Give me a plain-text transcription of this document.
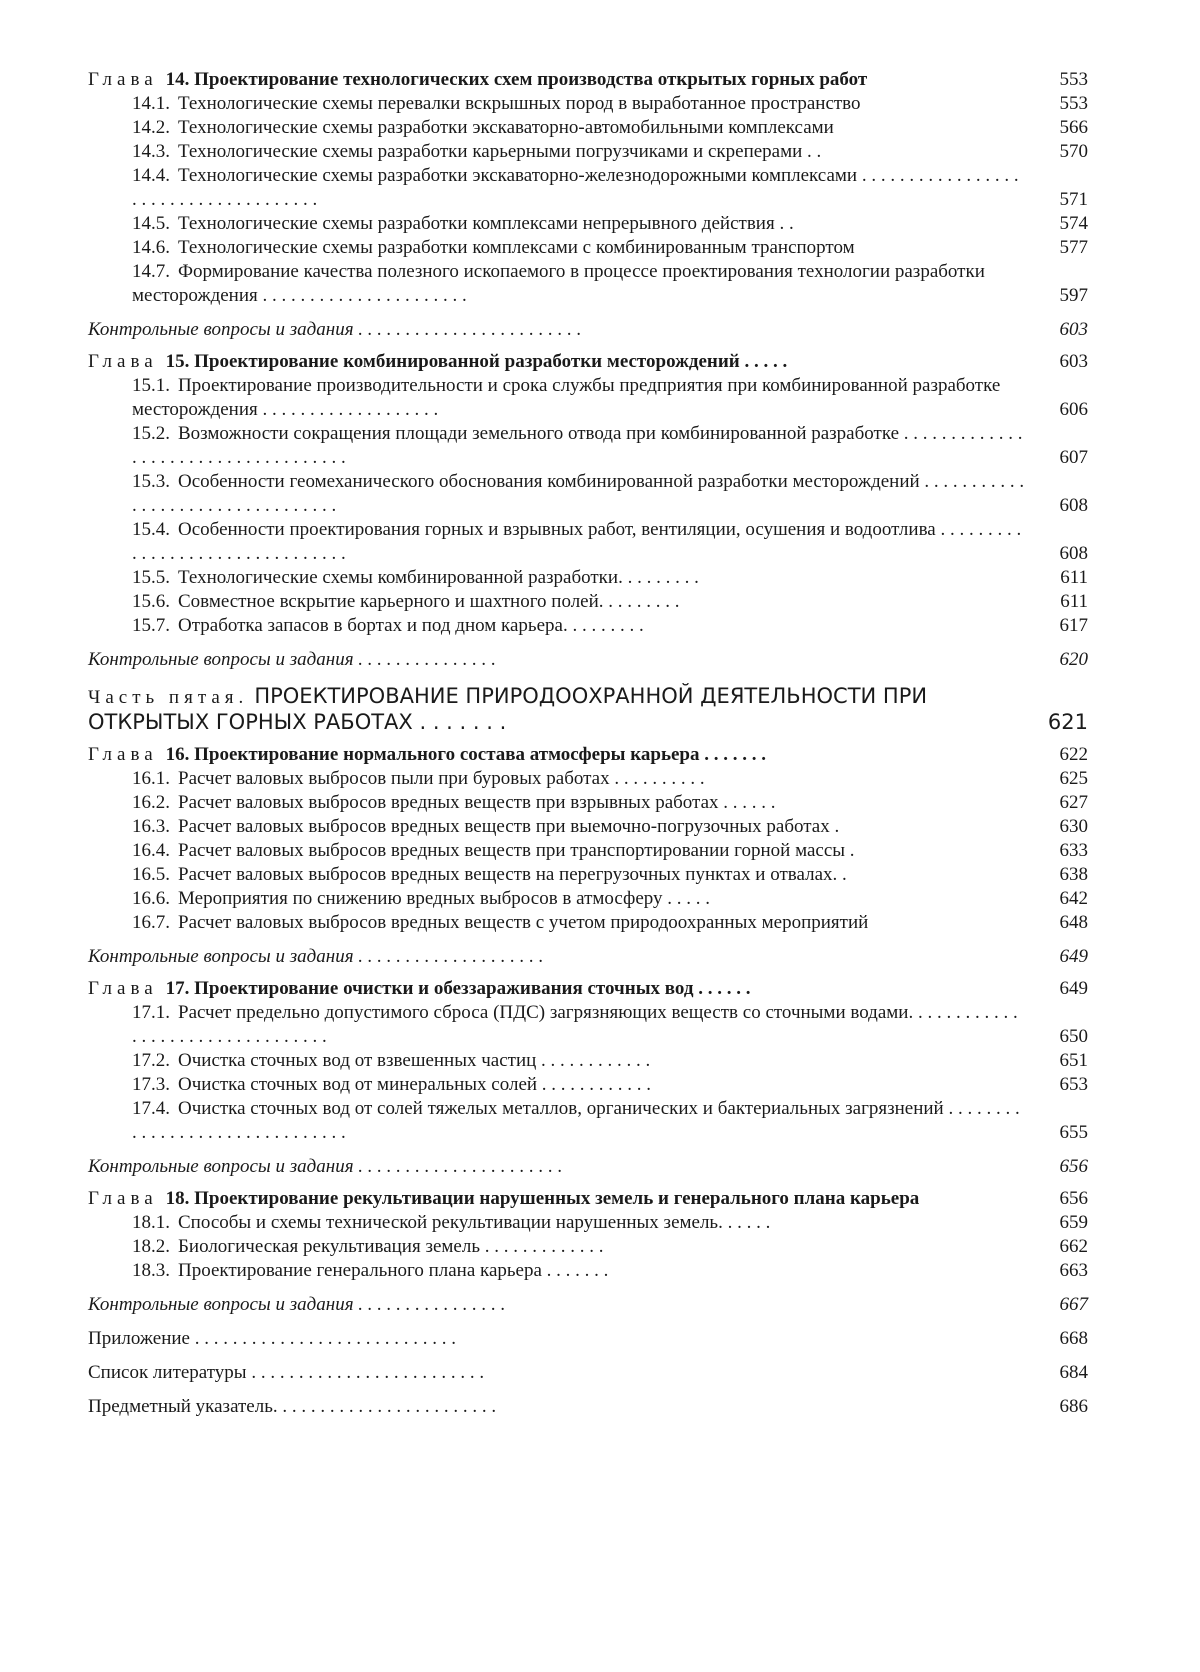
Глава 14. Проектирование технологических схем производства открытых горных работ	553
14.1. Технологические схемы перевалки вскрышных пород в выработанное пространство	553
14.2. Технологические схемы разработки экскаваторно-автомобильными комплексами	566
14.3. Технологические схемы разработки карьерными погрузчиками и скреперами . .	570
14.4. Технологические схемы разработки экскаваторно-железнодорожными комплексами . . . . . . . . . . . . . . . . . . . . . . . . . . . . . . . . . . . . .	571
14.5. Технологические схемы разработки комплексами непрерывного действия . .	574
14.6. Технологические схемы разработки комплексами с комбинированным транспортом	577
14.7. Формирование качества полезного ископаемого в процессе проектирования технологии разработки месторождения . . . . . . . . . . . . . . . . . . . . . .	597
Контрольные вопросы и задания . . . . . . . . . . . . . . . . . . . . . . . .	603
Глава 15. Проектирование комбинированной разработки месторождений . . . . .	603
15.1. Проектирование производительности и срока службы предприятия при комбинированной разработке месторождения . . . . . . . . . . . . . . . . . . .	606
15.2. Возможности сокращения площади земельного отвода при комбинированной разработке . . . . . . . . . . . . . . . . . . . . . . . . . . . . . . . . . . . .	607
15.3. Особенности геомеханического обоснования комбинированной разработки месторождений . . . . . . . . . . . . . . . . . . . . . . . . . . . . . . . . .	608
15.4. Особенности проектирования горных и взрывных работ, вентиляции, осушения и водоотлива . . . . . . . . . . . . . . . . . . . . . . . . . . . . . . . .	608
15.5. Технологические схемы комбинированной разработки. . . . . . . . .	611
15.6. Совместное вскрытие карьерного и шахтного полей. . . . . . . . .	611
15.7. Отработка запасов в бортах и под дном карьера. . . . . . . . .	617
Контрольные вопросы и задания . . . . . . . . . . . . . . .	620
Часть пятая. ПРОЕКТИРОВАНИЕ ПРИРОДООХРАННОЙ ДЕЯТЕЛЬНОСТИ ПРИ ОТКРЫТЫХ ГОРНЫХ РАБОТАХ . . . . . . .	621
Глава 16. Проектирование нормального состава атмосферы карьера . . . . . . .	622
16.1. Расчет валовых выбросов пыли при буровых работах . . . . . . . . . .	625
16.2. Расчет валовых выбросов вредных веществ при взрывных работах . . . . . .	627
16.3. Расчет валовых выбросов вредных веществ при выемочно-погрузочных работах .	630
16.4. Расчет валовых выбросов вредных веществ при транспортировании горной массы .	633
16.5. Расчет валовых выбросов вредных веществ на перегрузочных пунктах и отвалах. .	638
16.6. Мероприятия по снижению вредных выбросов в атмосферу . . . . .	642
16.7. Расчет валовых выбросов вредных веществ с учетом природоохранных мероприятий	648
Контрольные вопросы и задания . . . . . . . . . . . . . . . . . . . .	649
Глава 17. Проектирование очистки и обеззараживания сточных вод . . . . . .	649
17.1. Расчет предельно допустимого сброса (ПДС) загрязняющих веществ со сточными водами. . . . . . . . . . . . . . . . . . . . . . . . . . . . . . . . .	650
17.2. Очистка сточных вод от взвешенных частиц . . . . . . . . . . . .	651
17.3. Очистка сточных вод от минеральных солей . . . . . . . . . . . .	653
17.4. Очистка сточных вод от солей тяжелых металлов, органических и бактериальных загрязнений . . . . . . . . . . . . . . . . . . . . . . . . . . . . . . .	655
Контрольные вопросы и задания . . . . . . . . . . . . . . . . . . . . . .	656
Глава 18. Проектирование рекультивации нарушенных земель и генерального плана карьера	656
18.1. Способы и схемы технической рекультивации нарушенных земель. . . . . .	659
18.2. Биологическая рекультивация земель . . . . . . . . . . . . .	662
18.3. Проектирование генерального плана карьера . . . . . . .	663
Контрольные вопросы и задания . . . . . . . . . . . . . . . .	667
Приложение . . . . . . . . . . . . . . . . . . . . . . . . . . . .	668
Список литературы . . . . . . . . . . . . . . . . . . . . . . . . .	684
Предметный указатель. . . . . . . . . . . . . . . . . . . . . . . .	686
